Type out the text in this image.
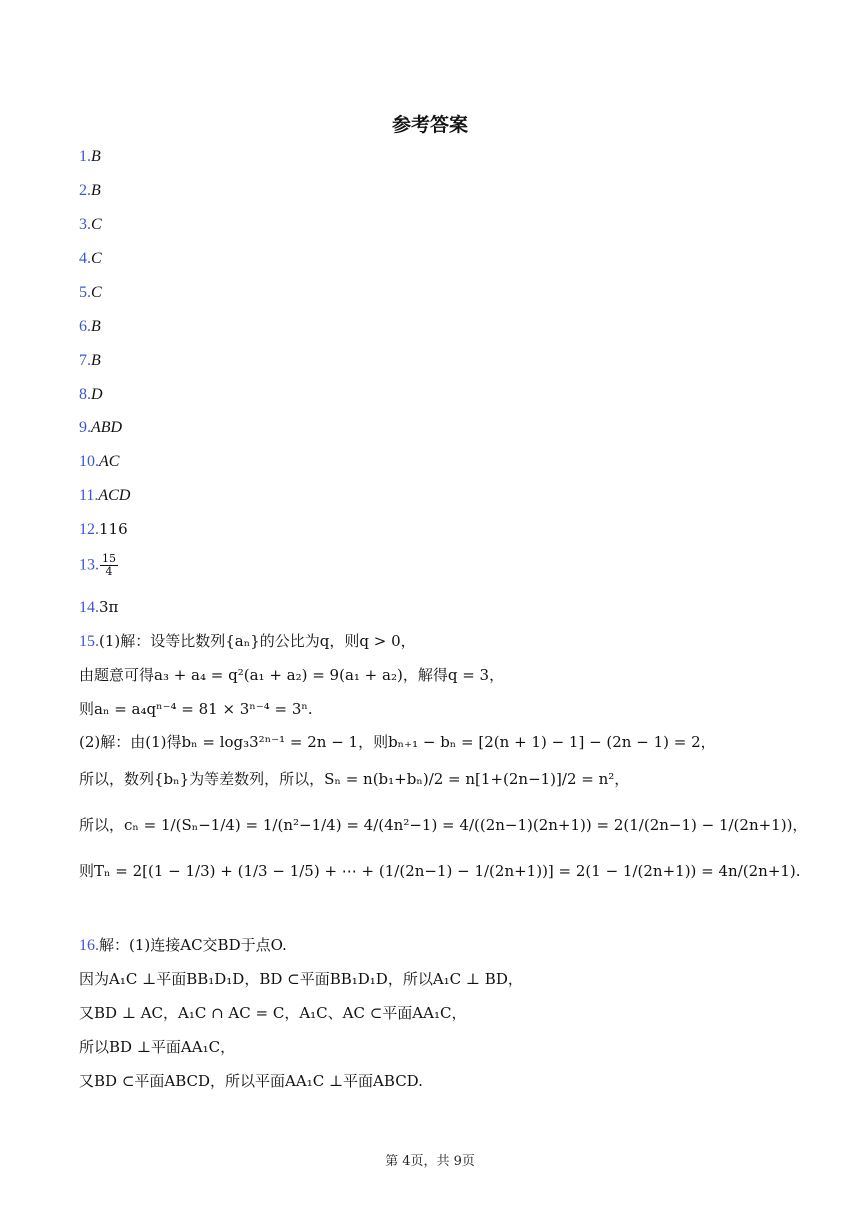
参考答案
1.B
2.B
3.C
4.C
5.C
6.B
7.B
8.D
9.ABD
10.AC
11.ACD
12.116
13. $\frac{15}{4}$
14.3π
15.(1)解：设等比数列{aₙ}的公比为q，则q > 0，
由题意可得a₃ + a₄ = q²(a₁ + a₂) = 9(a₁ + a₂)，解得q = 3，
则aₙ = a₄qⁿ⁻⁴ = 81 × 3ⁿ⁻⁴ = 3ⁿ.
(2)解：由(1)得bₙ = log₃3²ⁿ⁻¹ = 2n − 1，则bₙ₊₁ − bₙ = [2(n + 1) − 1] − (2n − 1) = 2，
所以，数列{bₙ}为等差数列，所以，Sₙ = n(b₁+bₙ)/2 = n[1+(2n−1)]/2 = n²，
所以，cₙ = 1/(Sₙ−1/4) = 1/(n²−1/4) = 4/(4n²−1) = 4/((2n−1)(2n+1)) = 2(1/(2n−1) − 1/(2n+1))，
则Tₙ = 2[(1 − 1/3) + (1/3 − 1/5) + ⋯ + (1/(2n−1) − 1/(2n+1))] = 2(1 − 1/(2n+1)) = 4n/(2n+1).
16.解：(1)连接AC交BD于点O.
因为A₁C ⊥平面BB₁D₁D，BD ⊂平面BB₁D₁D，所以A₁C ⊥ BD，
又BD ⊥ AC，A₁C ∩ AC = C，A₁C、AC ⊂平面AA₁C，
所以BD ⊥平面AA₁C，
又BD ⊂平面ABCD，所以平面AA₁C ⊥平面ABCD.
第 4页，共 9页
